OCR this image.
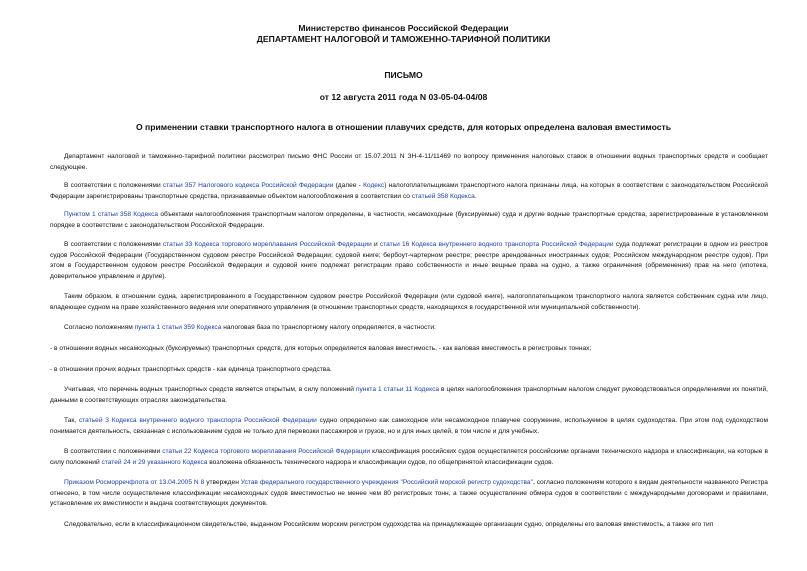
Министерство финансов Российской Федерации
ДЕПАРТАМЕНТ НАЛОГОВОЙ И ТАМОЖЕННО-ТАРИФНОЙ ПОЛИТИКИ
ПИСЬМО
от 12 августа 2011 года N 03-05-04-04/08
О применении ставки транспортного налога в отношении плавучих средств, для которых определена валовая вместимость
Департамент налоговой и таможенно-тарифной политики рассмотрел письмо ФНС России от 15.07.2011 N ЗН-4-11/11469 по вопросу применения налоговых ставок в отношении водных транспортных средств и сообщает следующее.
В соответствии с положениями статьи 357 Налогового кодекса Российской Федерации (далее - Кодекс) налогоплательщиками транспортного налога признаны лица, на которых в соответствии с законодательством Российской Федерации зарегистрированы транспортные средства, признаваемые объектом налогообложения в соответствии со статьей 358 Кодекса.
Пунктом 1 статьи 358 Кодекса объектами налогообложения транспортным налогом определены, в частности, несамоходные (буксируемые) суда и другие водные транспортные средства, зарегистрированные в установленном порядке в соответствии с законодательством Российской Федерации.
В соответствии с положениями статьи 33 Кодекса торгового мореплавания Российской Федерации и статьи 16 Кодекса внутреннего водного транспорта Российской Федерации суда подлежат регистрации в одном из реестров судов Российской Федерации (Государственном судовом реестре Российской Федерации; судовой книге; бербоут-чартерном реестре; реестре арендованных иностранных судов; Российском международном реестре судов). При этом в Государственном судовом реестре Российской Федерации и судовой книге подлежат регистрации право собственности и иные вещные права на судно, а также ограничения (обременения) прав на него (ипотека, доверительное управление и другие).
Таким образом, в отношении судна, зарегистрированного в Государственном судовом реестре Российской Федерации (или судовой книге), налогоплательщиком транспортного налога является собственник судна или лицо, владеющее судном на праве хозяйственного ведения или оперативного управления (в отношении транспортных средств, находящихся в государственной или муниципальной собственности).
Согласно положениям пункта 1 статьи 359 Кодекса налоговая база по транспортному налогу определяется, в частности:
- в отношении водных несамоходных (буксируемых) транспортных средств, для которых определяется валовая вместимость, - как валовая вместимость в регистровых тоннах;
- в отношении прочих водных транспортных средств - как единица транспортного средства.
Учитывая, что перечень водных транспортных средств является открытым, в силу положений пункта 1 статьи 11 Кодекса в целях налогообложения транспортным налогом следует руководствоваться определениями их понятий, данными в соответствующих отраслях законодательства.
Так, статьей 3 Кодекса внутреннего водного транспорта Российской Федерации судно определено как самоходное или несамоходное плавучее сооружение, используемое в целях судоходства. При этом под судоходством понимается деятельность, связанная с использованием судов не только для перевозки пассажиров и грузов, но и для иных целей, в том числе и для учебных.
В соответствии с положениями статьи 22 Кодекса торгового мореплавания Российской Федерации классификация российских судов осуществляется российскими органами технического надзора и классификации, на которые в силу положений статей 24 и 29 указанного Кодекса возложена обязанность технического надзора и классификации судов, по общепринятой классификации судов.
Приказом Росморречфлота от 13.04.2005 N 8 утвержден Устав федерального государственного учреждения "Российский морской регистр судоходства", согласно положениям которого к видам деятельности названного Регистра отнесено, в том числе осуществление классификации несамоходных судов вместимостью не менее чем 80 регистровых тонн, а также осуществление обмера судов в соответствии с международными договорами и правилами, установление их вместимости и выдача соответствующих документов.
Следовательно, если в классификационном свидетельстве, выданном Российским морским регистром судоходства на принадлежащее организации судно, определены его валовая вместимость, а также его тип
